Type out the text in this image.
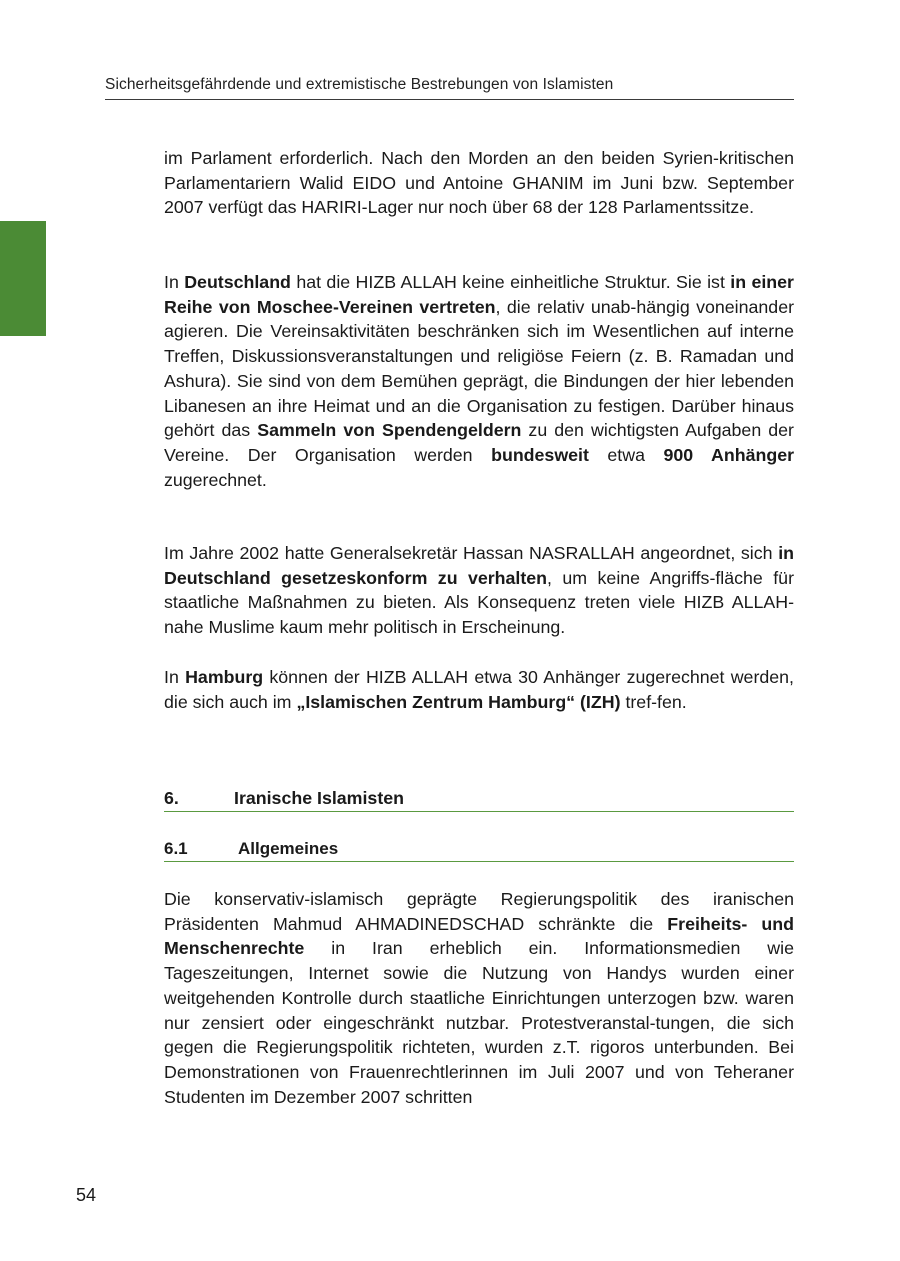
Sicherheitsgefährdende und extremistische Bestrebungen von Islamisten

im Parlament erforderlich. Nach den Morden an den beiden Syrien-kritischen Parlamentariern Walid EIDO und Antoine GHANIM im Juni bzw. September 2007 verfügt das HARIRI-Lager nur noch über 68 der 128 Parlamentssitze.

In Deutschland hat die HIZB ALLAH keine einheitliche Struktur. Sie ist in einer Reihe von Moschee-Vereinen vertreten, die relativ unab-hängig voneinander agieren. Die Vereinsaktivitäten beschränken sich im Wesentlichen auf interne Treffen, Diskussionsveranstaltungen und religiöse Feiern (z. B. Ramadan und Ashura). Sie sind von dem Bemühen geprägt, die Bindungen der hier lebenden Libanesen an ihre Heimat und an die Organisation zu festigen. Darüber hinaus gehört das Sammeln von Spendengeldern zu den wichtigsten Aufgaben der Vereine. Der Organisation werden bundesweit etwa 900 Anhänger zugerechnet.

Im Jahre 2002 hatte Generalsekretär Hassan NASRALLAH angeordnet, sich in Deutschland gesetzeskonform zu verhalten, um keine Angriffs-fläche für staatliche Maßnahmen zu bieten. Als Konsequenz treten viele HIZB ALLAH-nahe Muslime kaum mehr politisch in Erscheinung.

In Hamburg können der HIZB ALLAH etwa 30 Anhänger zugerechnet werden, die sich auch im „Islamischen Zentrum Hamburg“ (IZH) tref-fen.

6.	Iranische Islamisten
6.1	Allgemeines

Die konservativ-islamisch geprägte Regierungspolitik des iranischen Präsidenten Mahmud AHMADINEDSCHAD schränkte die Freiheits- und Menschenrechte in Iran erheblich ein. Informationsmedien wie Tageszeitungen, Internet sowie die Nutzung von Handys wurden einer weitgehenden Kontrolle durch staatliche Einrichtungen unterzogen bzw. waren nur zensiert oder eingeschränkt nutzbar. Protestveranstal-tungen, die sich gegen die Regierungspolitik richteten, wurden z.T. rigoros unterbunden. Bei Demonstrationen von Frauenrechtlerinnen im Juli 2007 und von Teheraner Studenten im Dezember 2007 schritten

54
